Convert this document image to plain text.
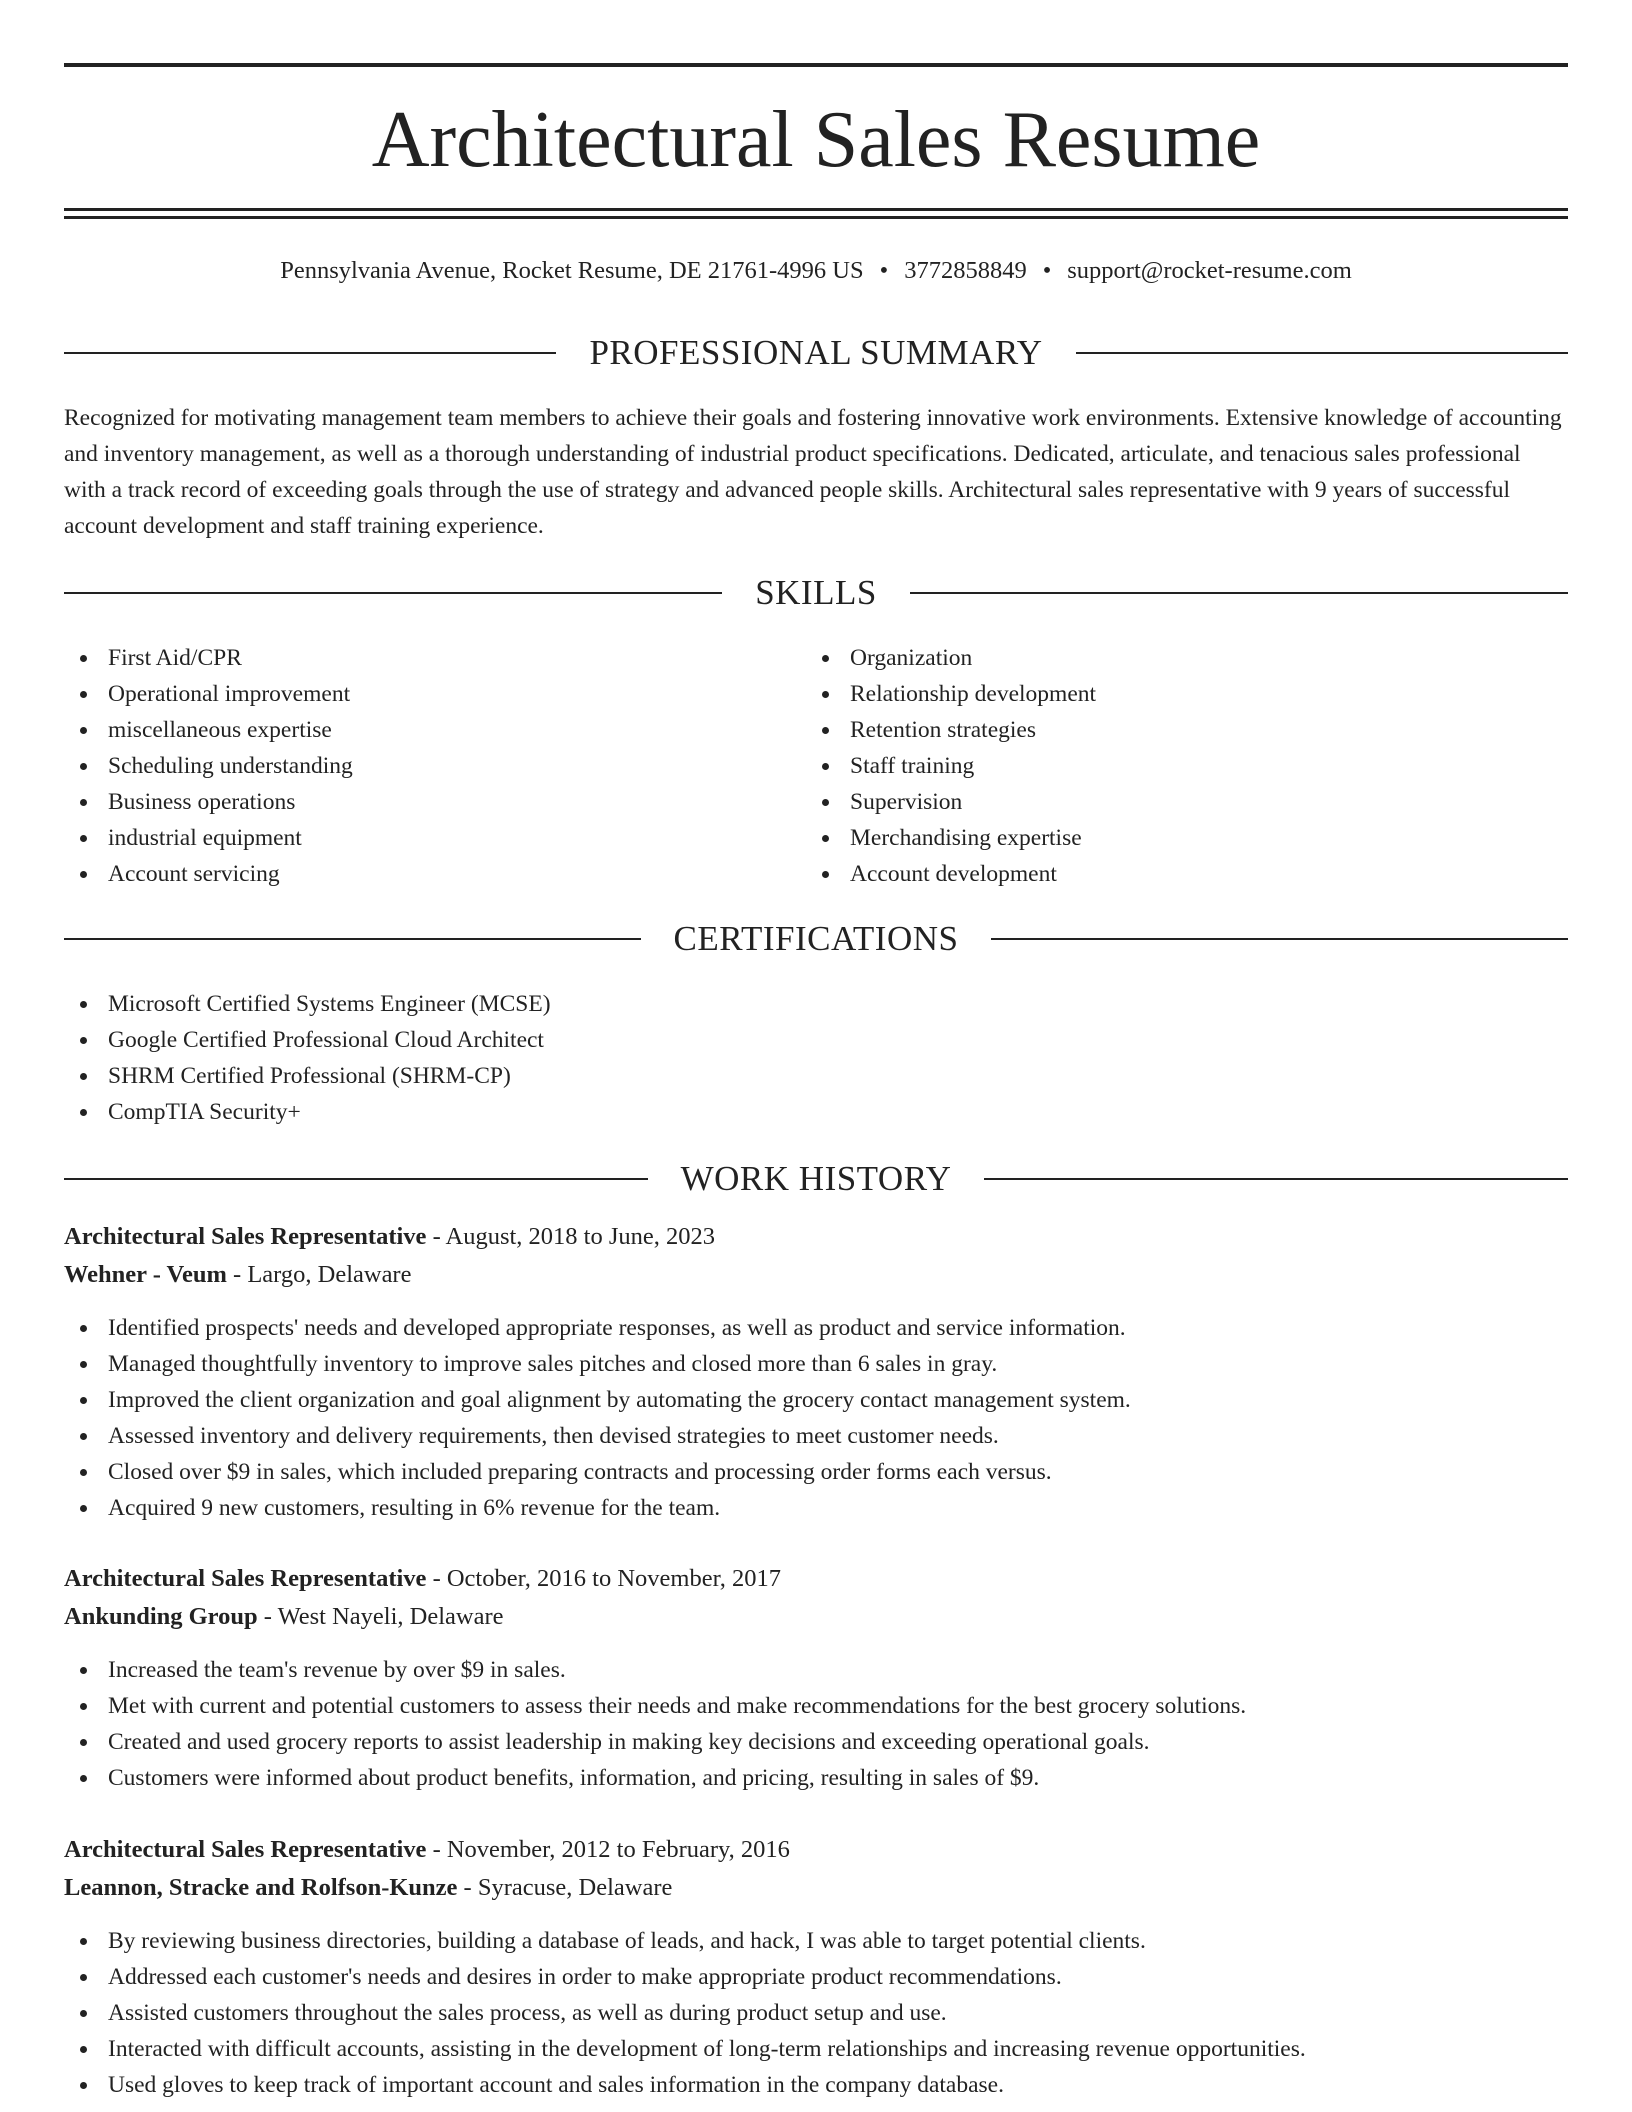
Architectural Sales Resume
Pennsylvania Avenue, Rocket Resume, DE 21761-4996 US • 3772858849 • support@rocket-resume.com
PROFESSIONAL SUMMARY

Recognized for motivating management team members to achieve their goals and fostering innovative work environments. Extensive knowledge of accounting and inventory management, as well as a thorough understanding of industrial product specifications. Dedicated, articulate, and tenacious sales professional with a track record of exceeding goals through the use of strategy and advanced people skills. Architectural sales representative with 9 years of successful account development and staff training experience.

SKILLS
First Aid/CPR
Operational improvement
miscellaneous expertise
Scheduling understanding
Business operations
industrial equipment
Account servicing
Organization
Relationship development
Retention strategies
Staff training
Supervision
Merchandising expertise
Account development
CERTIFICATIONS
Microsoft Certified Systems Engineer (MCSE)
Google Certified Professional Cloud Architect
SHRM Certified Professional (SHRM-CP)
CompTIA Security+
WORK HISTORY
Architectural Sales Representative - August, 2018 to June, 2023
Wehner - Veum - Largo, Delaware
Identified prospects' needs and developed appropriate responses, as well as product and service information.
Managed thoughtfully inventory to improve sales pitches and closed more than 6 sales in gray.
Improved the client organization and goal alignment by automating the grocery contact management system.
Assessed inventory and delivery requirements, then devised strategies to meet customer needs.
Closed over $9 in sales, which included preparing contracts and processing order forms each versus.
Acquired 9 new customers, resulting in 6% revenue for the team.
Architectural Sales Representative - October, 2016 to November, 2017
Ankunding Group - West Nayeli, Delaware
Increased the team's revenue by over $9 in sales.
Met with current and potential customers to assess their needs and make recommendations for the best grocery solutions.
Created and used grocery reports to assist leadership in making key decisions and exceeding operational goals.
Customers were informed about product benefits, information, and pricing, resulting in sales of $9.
Architectural Sales Representative - November, 2012 to February, 2016
Leannon, Stracke and Rolfson-Kunze - Syracuse, Delaware
By reviewing business directories, building a database of leads, and hack, I was able to target potential clients.
Addressed each customer's needs and desires in order to make appropriate product recommendations.
Assisted customers throughout the sales process, as well as during product setup and use.
Interacted with difficult accounts, assisting in the development of long-term relationships and increasing revenue opportunities.
Used gloves to keep track of important account and sales information in the company database.
